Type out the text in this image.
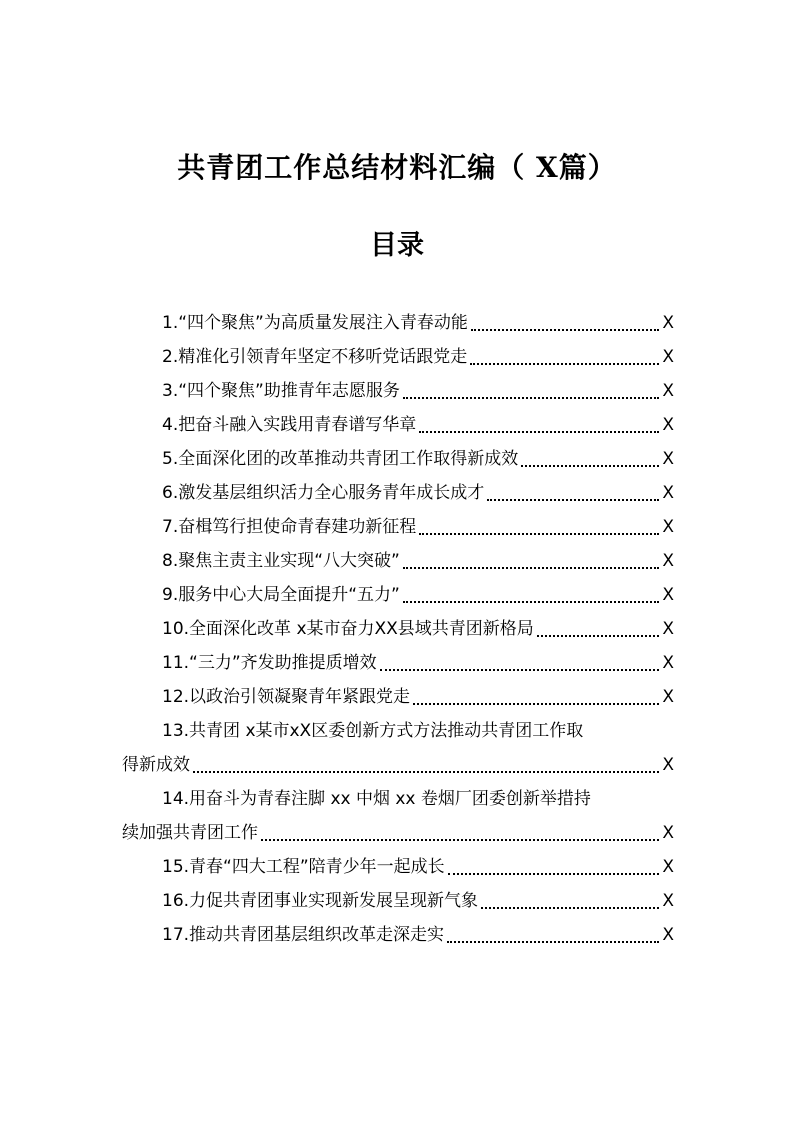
共青团工作总结材料汇编（ X篇）
目录
1.“四个聚焦”为高质量发展注入青春动能	X
2.精准化引领青年坚定不移听党话跟党走	X
3.“四个聚焦”助推青年志愿服务	X
4.把奋斗融入实践用青春谱写华章	X
5.全面深化团的改革推动共青团工作取得新成效	X
6.激发基层组织活力全心服务青年成长成才	X
7.奋楫笃行担使命青春建功新征程	X
8.聚焦主责主业实现“八大突破”	X
9.服务中心大局全面提升“五力”	X
10.全面深化改革 x某市奋力XX县域共青团新格局	X
11.“三力”齐发助推提质增效	X
12.以政治引领凝聚青年紧跟党走	X
13.共青团 x某市xX区委创新方式方法推动共青团工作取
得新成效	X
14.用奋斗为青春注脚 xx 中烟 xx 卷烟厂团委创新举措持
续加强共青团工作	X
15.青春“四大工程”陪青少年一起成长	X
16.力促共青团事业实现新发展呈现新气象	X
17.推动共青团基层组织改革走深走实	X
